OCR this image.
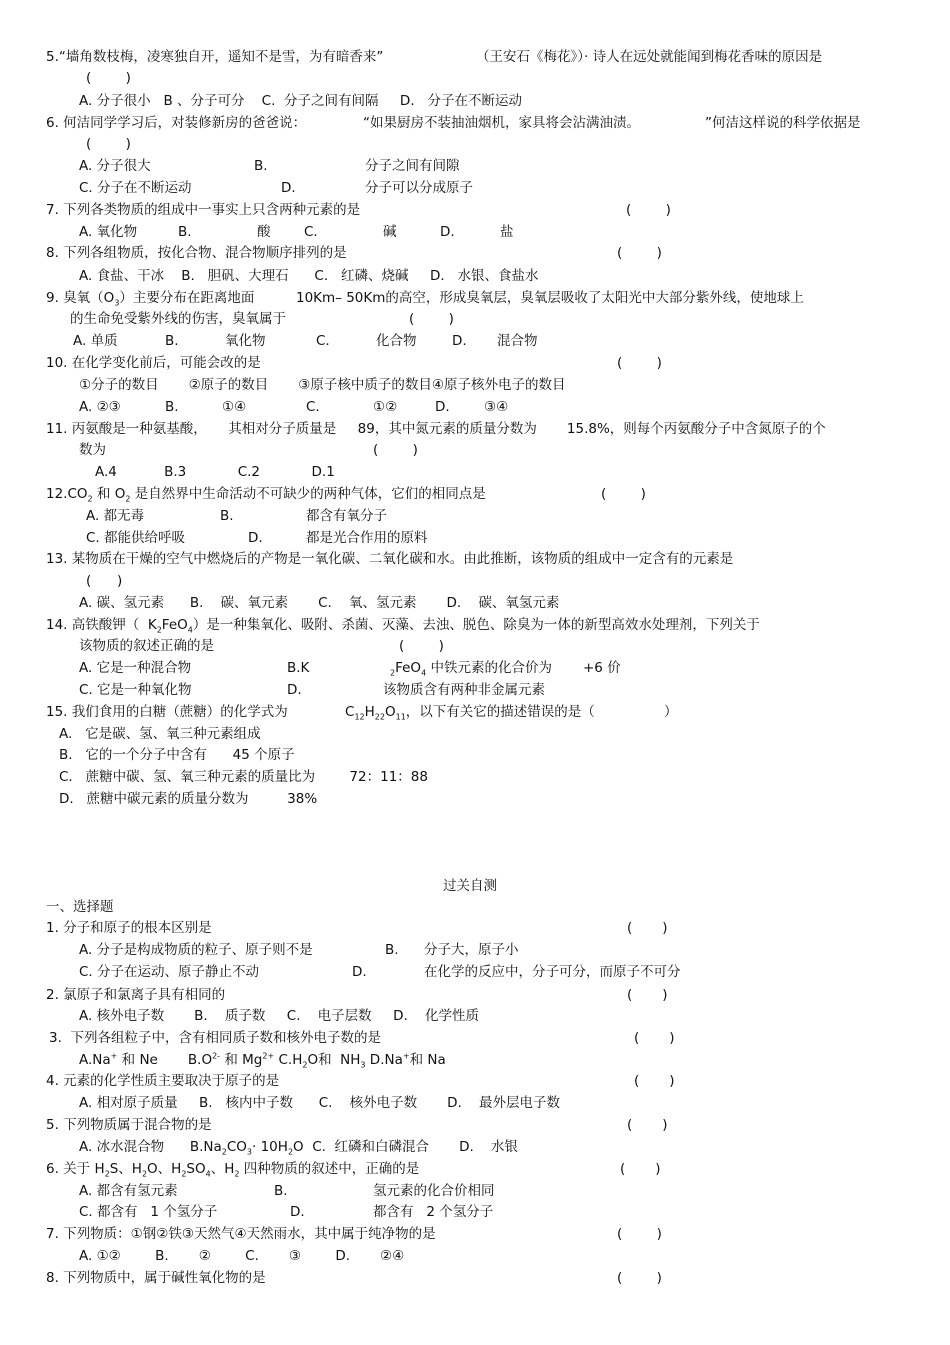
5.“墙角数枝梅，凌寒独自开，遥知不是雪，为有暗香来”	（王安石《梅花》）· 诗人在远处就能闻到梅花香味的原因是
(        )
A. 分子很小   B 、分子可分    C.  分子之间有间隔     D.   分子在不断运动
6. 何洁同学学习后，对装修新房的爸爸说：	“如果厨房不装抽油烟机，家具将会沾满油渍。	”何洁这样说的科学依据是
(        )
A. 分子很大	B.	分子之间有间隙
C. 分子在不断运动	D.	分子可以分成原子
7. 下列各类物质的组成中一事实上只含两种元素的是	(        )
A. 氧化物	B.	酸 C.	碱	D.	盐
8. 下列各组物质，按化合物、混合物顺序排列的是	(        )
A. 食盐、干冰    B.   胆矾、大理石      C.   红磷、烧碱     D.   水银、食盐水
9. 臭氧$(O_3)$主要分布在距离地面	10Km– 50Km的高空，形成臭氧层，臭氧层吸收了太阳光中大部分紫外线，使地球上
的生命免受紫外线的伤害，臭氧属于	(        )
A. 单质	B.	氧化物	C.	化合物	D. 混合物
10. 在化学变化前后，可能会改的是	(        )
①分子的数目       ②原子的数目       ③原子核中质子的数目④原子核外电子的数目
A. ②③	B.	①④	C.	①②	D.	③④
11. 丙氨酸是一种氨基酸，     其相对分子质量是     89，其中氮元素的质量分数为       15.8%，则每个丙氨酸分子中含氮原子的个
数为	(        )
A.4           B.3            C.2            D.1
$12.CO_2$ 和 $O_2$ 是自然界中生命活动不可缺少的两种气体，它们的相同点是	(        )
A. 都无毒	B.	都含有氧分子
C. 都能供给呼吸	D.	都是光合作用的原料
13. 某物质在干燥的空气中燃烧后的产物是一氧化碳、二氧化碳和水。由此推断，该物质的组成中一定含有的元素是
(      )
A. 碳、氢元素      B.    碳、氧元素       C.    氧、氢元素       D.    碳、氧氢元素
14. 高铁酸钾（  $K_2FeO_4$）是一种集氧化、吸附、杀菌、灭藻、去浊、脱色、除臭为一体的新型高效水处理剂，下列关于
该物质的叙述正确的是	(        )
A. 它是一种混合物	B.K	$_2$FeO$_4$ 中铁元素的化合价为 +6 价
C. 它是一种氧化物	D.	该物质含有两种非金属元素
15. 我们食用的白糖（蔗糖）的化学式为	$C_{12}H_{22}O_{11}$，以下有关它的描述错误的是（	）
A.   它是碳、氢、氧三种元素组成
B.   它的一个分子中含有      45 个原子
C.   蔗糖中碳、氢、氧三种元素的质量比为        72：11：88
D.   蔗糖中碳元素的质量分数为         38%
过关自测
一、选择题
1. 分子和原子的根本区别是	(       )
A. 分子是构成物质的粒子、原子则不是	B. 分子大，原子小
C. 分子在运动、原子静止不动	D.	在化学的反应中，分子可分，而原子不可分
2. 氯原子和氯离子具有相同的	(       )
A. 核外电子数       B.    质子数     C.    电子层数     D.    化学性质
3.  下列各组粒子中，含有相同质子数和核外电子数的是	(       )
A.Na+ 和 Ne       $B.O^{2-}$ 和 $Mg^{2+}$ $C.H_2O$和  $NH_3$ D.Na+和 Na
4. 元素的化学性质主要取决于原子的是	(       )
A. 相对原子质量     B.   核内中子数      C.    核外电子数       D.    最外层电子数
5. 下列物质属于混合物的是	(       )
A. 冰水混合物      $B.Na_2CO_3\cdot 10H_2O$  C.  红磷和白磷混合       D.    水银
6. 关于 $H_2S$、$H_2O$、$H_2SO_4$、$H_2$ 四种物质的叙述中，正确的是	(       )
A. 都含有氢元素	B.	氢元素的化合价相同
C. 都含有   1 个氢分子	D.	都含有   2 个氢分子
7. 下列物质：①钢②铁③天然气④天然雨水，其中属于纯净物的是	(        )
A. ①②        B.       ②        C.       ③        D.       ②④
8. 下列物质中，属于碱性氧化物的是	(        )
